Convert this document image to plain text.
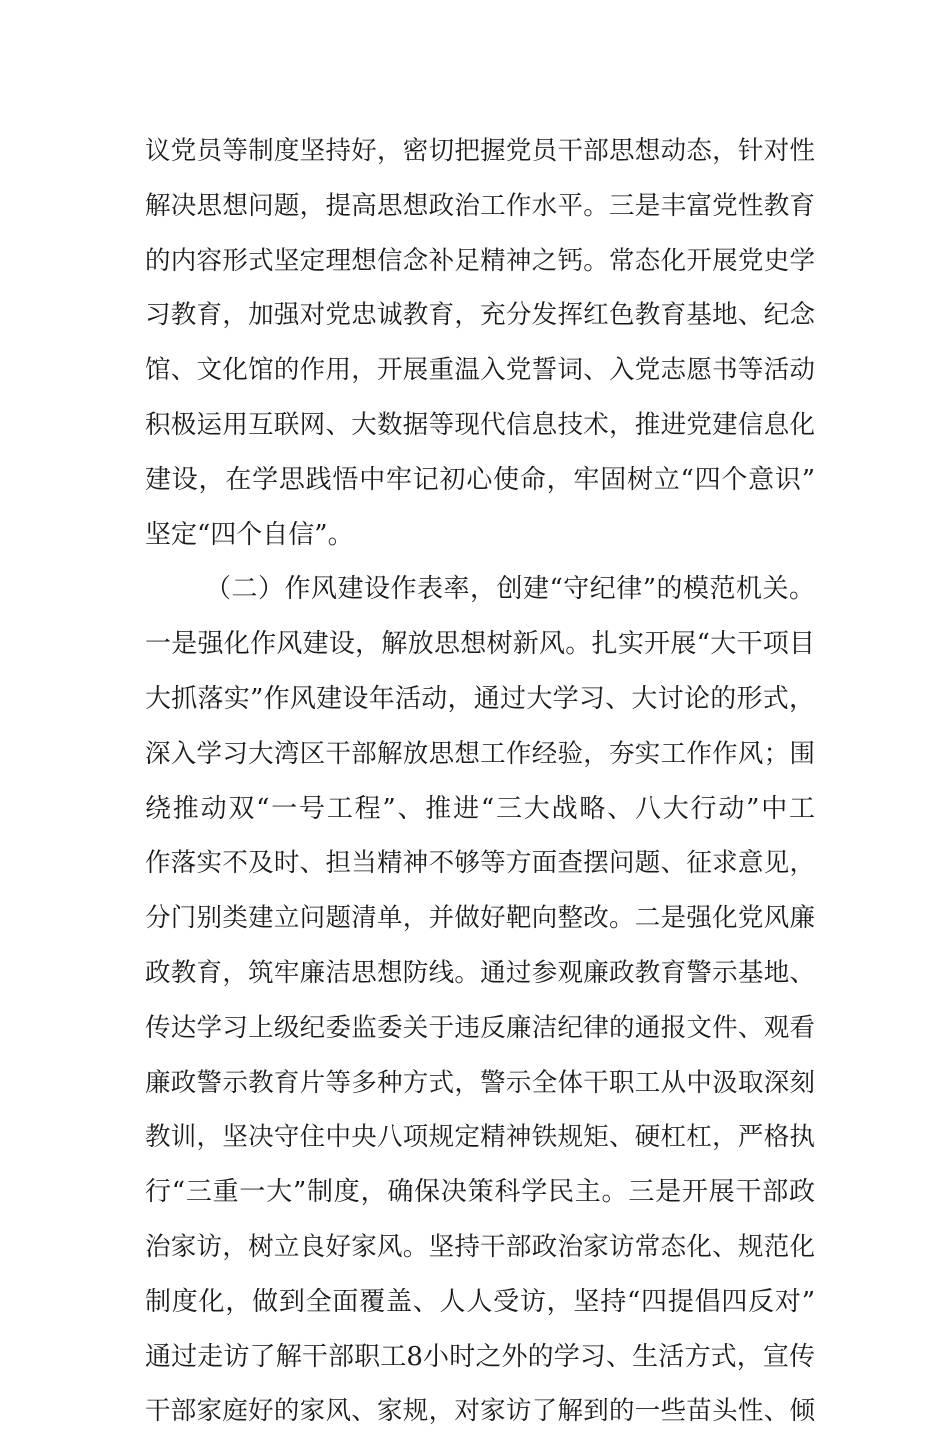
议党员等制度坚持好，密切把握党员干部思想动态，针对性
解决思想问题，提高思想政治工作水平。三是丰富党性教育
的内容形式坚定理想信念补足精神之钙。常态化开展党史学
习教育，加强对党忠诚教育，充分发挥红色教育基地、纪念
馆、文化馆的作用，开展重温入党誓词、入党志愿书等活动
积极运用互联网、大数据等现代信息技术，推进党建信息化
建设，在学思践悟中牢记初心使命，牢固树立“四个意识”
坚定“四个自信”。
（二）作风建设作表率，创建“守纪律”的模范机关。
一是强化作风建设，解放思想树新风。扎实开展“大干项目
大抓落实”作风建设年活动，通过大学习、大讨论的形式，
深入学习大湾区干部解放思想工作经验，夯实工作作风；围
绕推动双“一号工程”、推进“三大战略、八大行动”中工
作落实不及时、担当精神不够等方面查摆问题、征求意见，
分门别类建立问题清单，并做好靶向整改。二是强化党风廉
政教育，筑牢廉洁思想防线。通过参观廉政教育警示基地、
传达学习上级纪委监委关于违反廉洁纪律的通报文件、观看
廉政警示教育片等多种方式，警示全体干职工从中汲取深刻
教训，坚决守住中央八项规定精神铁规矩、硬杠杠，严格执
行“三重一大”制度，确保决策科学民主。三是开展干部政
治家访，树立良好家风。坚持干部政治家访常态化、规范化
制度化，做到全面覆盖、人人受访，坚持“四提倡四反对”
通过走访了解干部职工8小时之外的学习、生活方式，宣传
干部家庭好的家风、家规，对家访了解到的一些苗头性、倾
